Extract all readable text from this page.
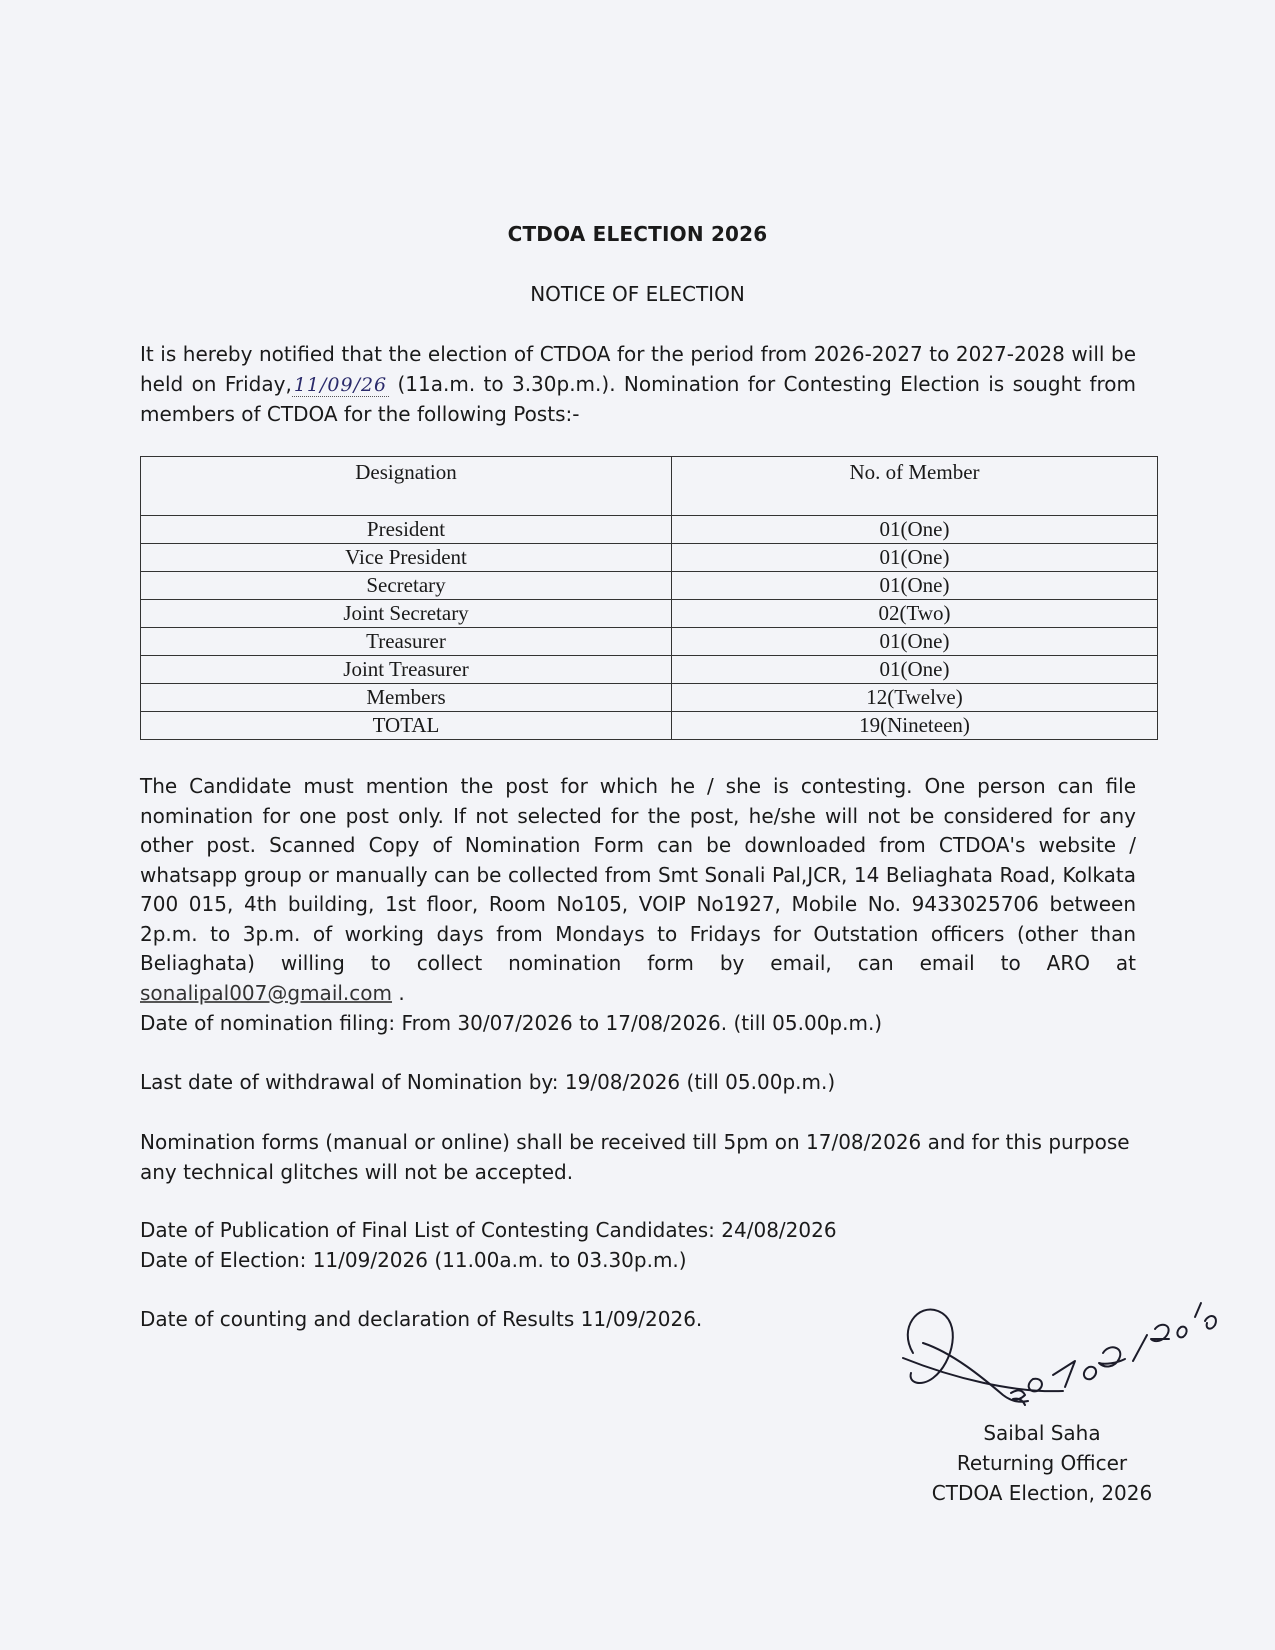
CTDOA ELECTION 2026
NOTICE OF ELECTION
It is hereby notified that the election of CTDOA for the period from 2026-2027 to 2027-2028 will be held on Friday, 11/09/26 (11a.m. to 3.30p.m.). Nomination for Contesting Election is sought from members of CTDOA for the following Posts:-
Designation	No. of Member
President	01(One)
Vice President	01(One)
Secretary	01(One)
Joint Secretary	02(Two)
Treasurer	01(One)
Joint Treasurer	01(One)
Members	12(Twelve)
TOTAL	19(Nineteen)
The Candidate must mention the post for which he / she is contesting. One person can file nomination for one post only. If not selected for the post, he/she will not be considered for any other post. Scanned Copy of Nomination Form can be downloaded from CTDOA's website / whatsapp group or manually can be collected from Smt Sonali Pal,JCR, 14 Beliaghata Road, Kolkata 700 015, 4th building, 1st floor, Room No105, VOIP No1927, Mobile No. 9433025706 between 2p.m. to 3p.m. of working days from Mondays to Fridays for Outstation officers (other than Beliaghata) willing to collect nomination form by email, can email to ARO at sonalipal007@gmail.com .
Date of nomination filing: From 30/07/2026 to 17/08/2026. (till 05.00p.m.)
Last date of withdrawal of Nomination by: 19/08/2026 (till 05.00p.m.)
Nomination forms (manual or online) shall be received till 5pm on 17/08/2026 and for this purpose any technical glitches will not be accepted.
Date of Publication of Final List of Contesting Candidates: 24/08/2026
Date of Election: 11/09/2026 (11.00a.m. to 03.30p.m.)
Date of counting and declaration of Results 11/09/2026.
Saibal Saha
Returning Officer
CTDOA Election, 2026
